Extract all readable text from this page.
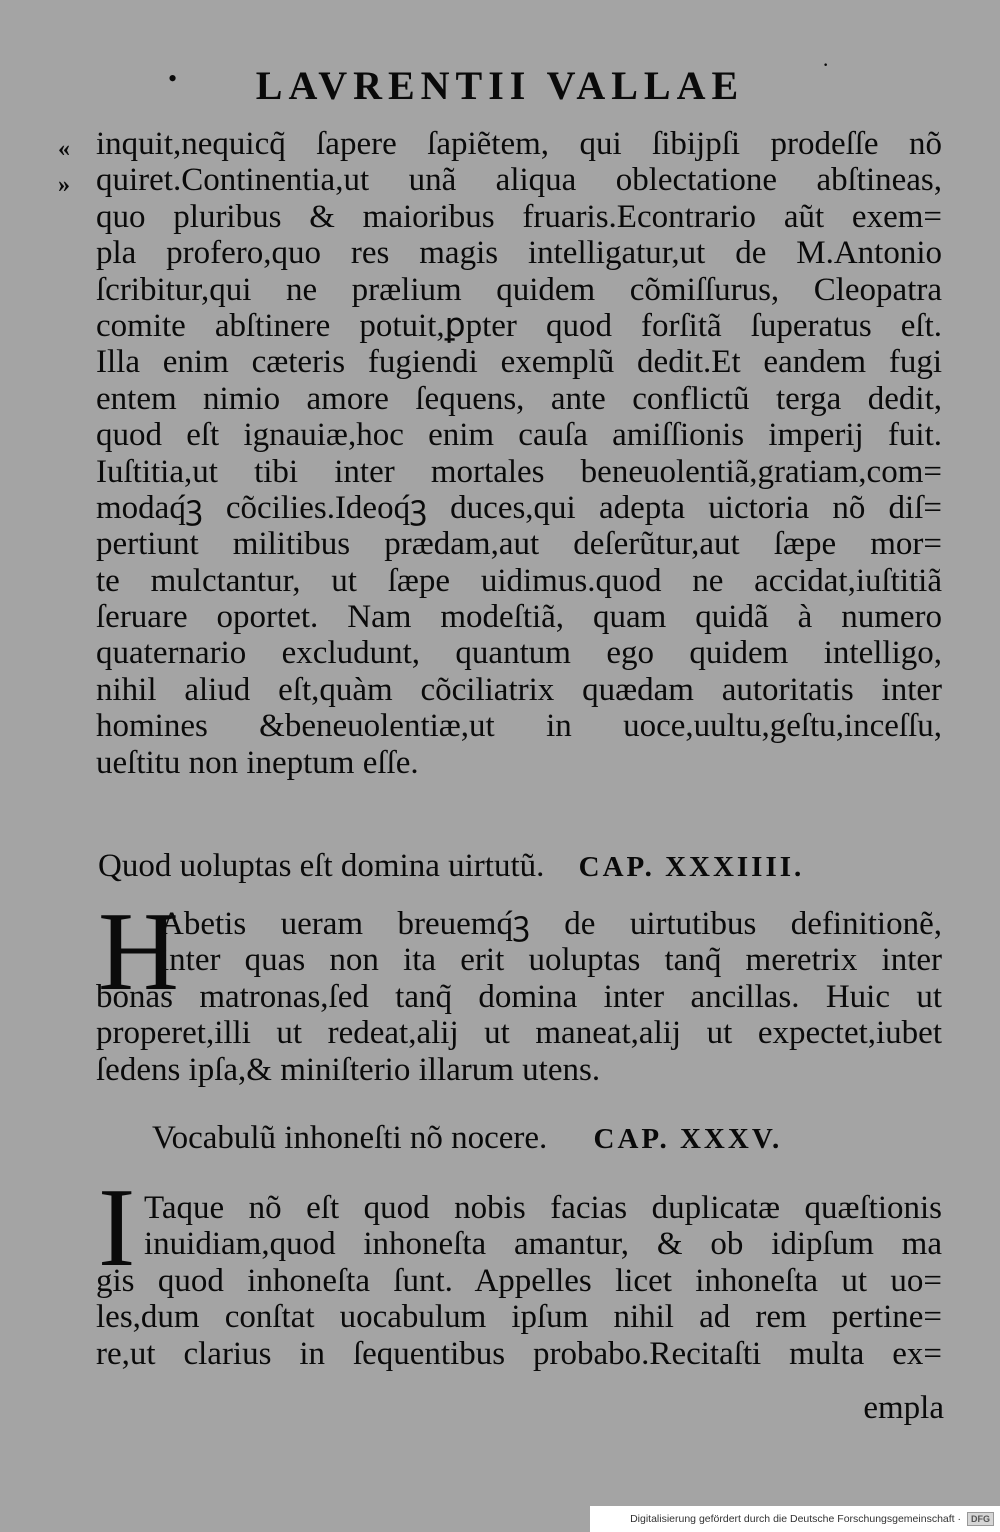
•	LAVRENTII VALLAE	·
«
»
inquit,nequicq̃ ſapere ſapiẽtem, qui ſibijpſi prodeſſe nõ
quiret.Continentia,ut unã aliqua oblectatione abſtineas,
quo pluribus & maioribus fruaris.Econtrario aũt exem=
pla profero,quo res magis intelligatur,ut de M.Antonio
ſcribitur,qui ne prælium quidem cõmiſſurus, Cleopatra
comite abſtinere potuit,ꝑpter quod forſitã ſuperatus eſt.
Illa enim cæteris fugiendi exemplũ dedit.Et eandem fugi
entem nimio amore ſequens, ante conflictũ terga dedit,
quod eſt ignauiæ,hoc enim cauſa amiſſionis imperij fuit.
Iuſtitia,ut tibi inter mortales beneuolentiã,gratiam,com=
modaq́ꝫ cõcilies.Ideoq́ꝫ duces,qui adepta uictoria nõ diſ=
pertiunt militibus prædam,aut deſerũtur,aut ſæpe mor=
te mulctantur, ut ſæpe uidimus.quod ne accidat,iuſtitiã
ſeruare oportet. Nam modeſtiã, quam quidã à numero
quaternario excludunt, quantum ego quidem intelligo,
nihil aliud eſt,quàm cõciliatrix quædam autoritatis inter
homines &beneuolentiæ,ut in uoce,uultu,geſtu,inceſſu,
ueſtitu non ineptum eſſe.
Quod uoluptas eſt domina uirtutũ. CAP. XXXIIII.
H
Abetis ueram breuemq́ꝫ de uirtutibus definitionẽ,
inter quas non ita erit uoluptas tanq̃ meretrix inter
bonas matronas,ſed tanq̃ domina inter ancillas. Huic ut
properet,illi ut redeat,alij ut maneat,alij ut expectet,iubet
ſedens ipſa,& miniſterio illarum utens.
Vocabulũ inhoneſti nõ nocere. CAP. XXXV.
I Taque nõ eſt quod nobis facias duplicatæ quæſtionis
inuidiam,quod inhoneſta amantur, & ob idipſum ma
gis quod inhoneſta ſunt. Appelles licet inhoneſta ut uo=
les,dum conſtat uocabulum ipſum nihil ad rem pertine=
re,ut clarius in ſequentibus probabo.Recitaſti multa ex=
empla
Digitalisierung gefördert durch die Deutsche Forschungsgemeinschaft ·	DFG
